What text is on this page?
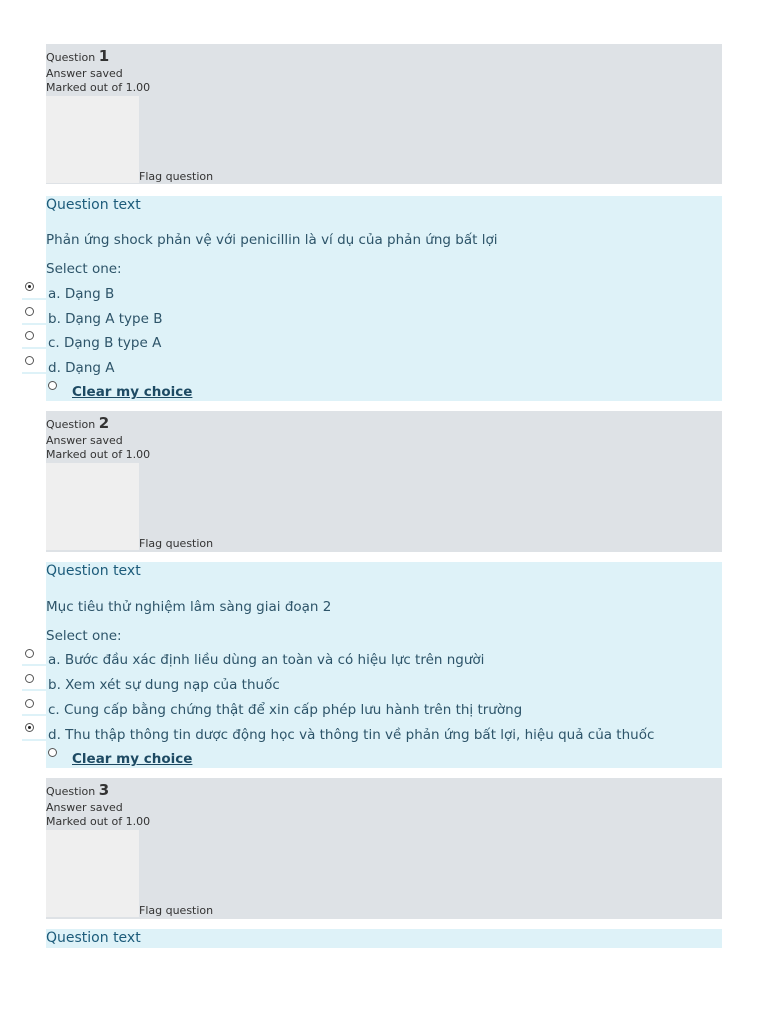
Question 1
Answer saved
Marked out of 1.00
Flag question
Question text
Phản ứng shock phản vệ với penicillin là ví dụ của phản ứng bất lợi
Select one:
a. Dạng B
b. Dạng A type B
c. Dạng B type A
d. Dạng A
Clear my choice
Question 2
Answer saved
Marked out of 1.00
Flag question
Question text
Mục tiêu thử nghiệm lâm sàng giai đoạn 2
Select one:
a. Bước đầu xác định liều dùng an toàn và có hiệu lực trên người
b. Xem xét sự dung nạp của thuốc
c. Cung cấp bằng chứng thật để xin cấp phép lưu hành trên thị trường
d. Thu thập thông tin dược động học và thông tin về phản ứng bất lợi, hiệu quả của thuốc
Clear my choice
Question 3
Answer saved
Marked out of 1.00
Flag question
Question text
